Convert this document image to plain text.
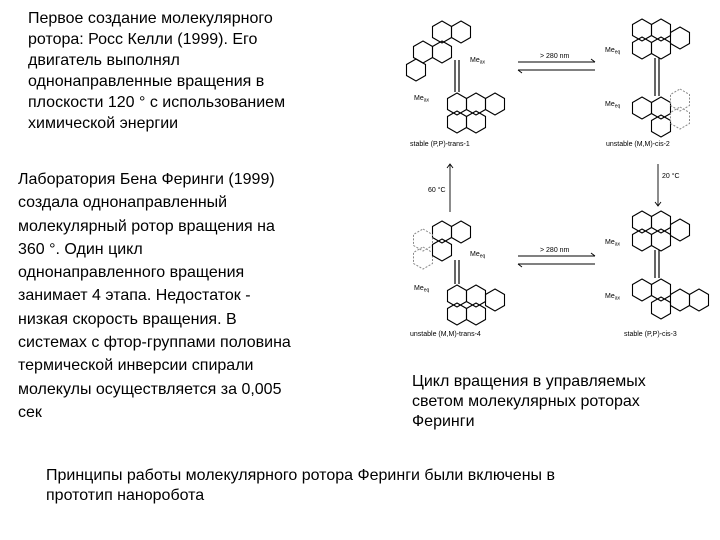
Первое создание молекулярного
ротора: Росс Келли (1999). Его
двигатель выполнял
однонаправленные вращения в
плоскости 120 ° с использованием
химической энергии
Лаборатория Бена Феринги (1999)
создала однонаправленный
молекулярный ротор вращения на
360 °. Один цикл
однонаправленного вращения
занимает 4 этапа. Недостаток -
низкая скорость вращения. В
системах с фтор-группами половина
термической инверсии спирали
молекулы осуществляется за 0,005
сек
$Me_{ax}$
$Me_{ax}$
$Me_{eq}$
$Me_{eq}$
$Me_{eq}$
$Me_{eq}$
$Me_{ax}$
$Me_{ax}$
> 280 nm
> 280 nm
60 °C
20 °C
stable (P,P)-trans-1	unstable (M,M)-cis-2
unstable (M,M)-trans-4	stable (P,P)-cis-3
Цикл вращения в управляемых
светом молекулярных роторах
Феринги
Принципы работы молекулярного ротора Феринги были включены в
прототип наноробота
